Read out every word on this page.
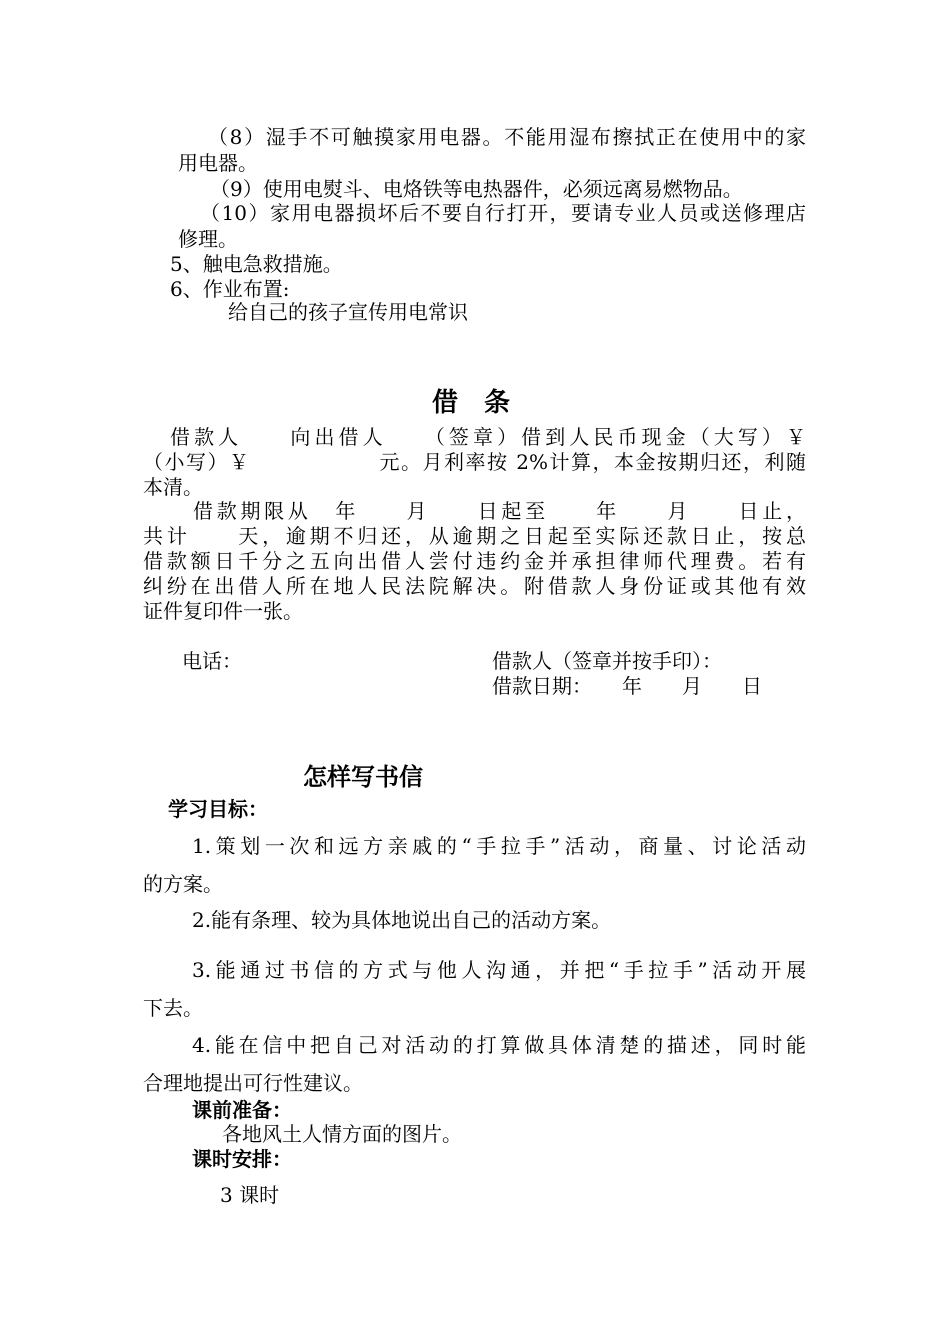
（8）湿手不可触摸家用电器。不能用湿布擦拭正在使用中的家
用电器。
（9）使用电熨斗、电烙铁等电热器件，必须远离易燃物品。
（10）家用电器损坏后不要自行打开，要请专业人员或送修理店
修理。
5、触电急救措施。
6、作业布置:
给自己的孩子宣传用电常识
借条
借款人　　向出借人　　（签章）借到人民币现金（大写）￥
（小写）￥　　　　　　元。月利率按 2%计算，本金按期归还，利随
本清。
借款期限从　年　　月　　日起至　　年　　月　　日止，
共计　　天，逾期不归还，从逾期之日起至实际还款日止，按总
借款额日千分之五向出借人尝付违约金并承担律师代理费。若有
纠纷在出借人所在地人民法院解决。附借款人身份证或其他有效
证件复印件一张。
电话：	借款人（签章并按手印）：
借款日期：　　年　　月　　日
怎样写书信
学习目标：
1.策划一次和远方亲戚的“手拉手”活动，商量、讨论活动
的方案。
2.能有条理、较为具体地说出自己的活动方案。
3.能通过书信的方式与他人沟通，并把“手拉手”活动开展
下去。
4.能在信中把自己对活动的打算做具体清楚的描述，同时能
合理地提出可行性建议。
课前准备：
各地风土人情方面的图片。
课时安排：
3 课时
